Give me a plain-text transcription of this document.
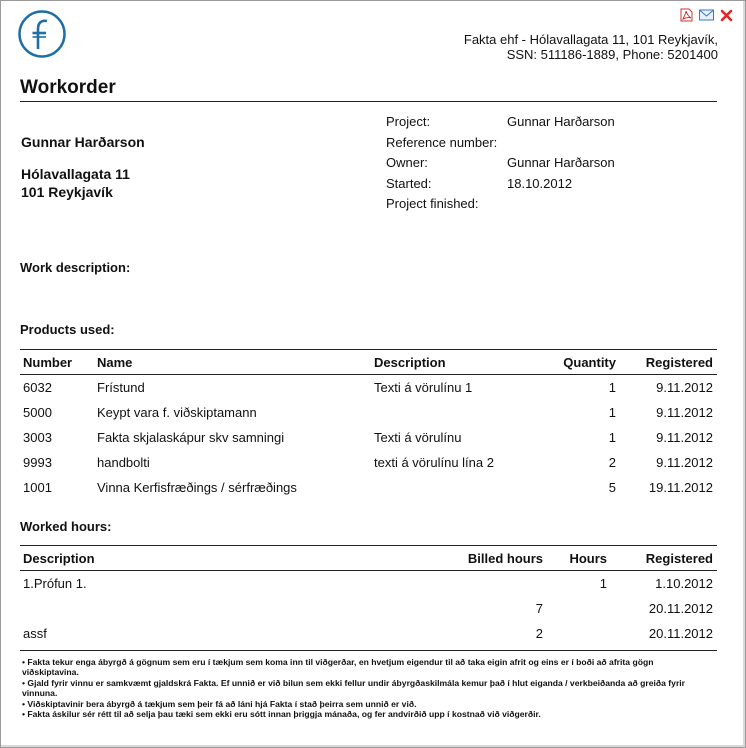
Fakta ehf - Hólavallagata 11, 101 Reykjavík,
SSN: 511186-1889, Phone: 5201400
Workorder
Gunnar Harðarson
Hólavallagata 11
101 Reykjavík
Project:	Gunnar Harðarson
Reference number:
Owner:	Gunnar Harðarson
Started:	18.10.2012
Project finished:
Work description:
Products used:
Number	Name	Description	Quantity	Registered
6032	Frístund	Texti á vörulínu 1	1	9.11.2012
5000	Keypt vara f. viðskiptamann		1	9.11.2012
3003	Fakta skjalaskápur skv samningi	Texti á vörulínu	1	9.11.2012
9993	handbolti	texti á vörulínu lína 2	2	9.11.2012
1001	Vinna Kerfisfræðings / sérfræðings		5	19.11.2012
Worked hours:
Description	Billed hours	Hours	Registered
1.Prófun 1.		1	1.10.2012
	7		20.11.2012
assf	2		20.11.2012
• Fakta tekur enga ábyrgð á gögnum sem eru í tækjum sem koma inn til viðgerðar, en hvetjum eigendur til að taka eigin afrit og eins er í boði að afrita gögn viðskiptavina.
• Gjald fyrir vinnu er samkvæmt gjaldskrá Fakta. Ef unnið er við bilun sem ekki fellur undir ábyrgðaskilmála kemur það í hlut eiganda / verkbeiðanda að greiða fyrir vinnuna.
• Viðskiptavinir bera ábyrgð á tækjum sem þeir fá að láni hjá Fakta í stað þeirra sem unnið er við.
• Fakta áskilur sér rétt til að selja þau tæki sem ekki eru sótt innan þriggja mánaða, og fer andvirðið upp í kostnað við viðgerðir.
